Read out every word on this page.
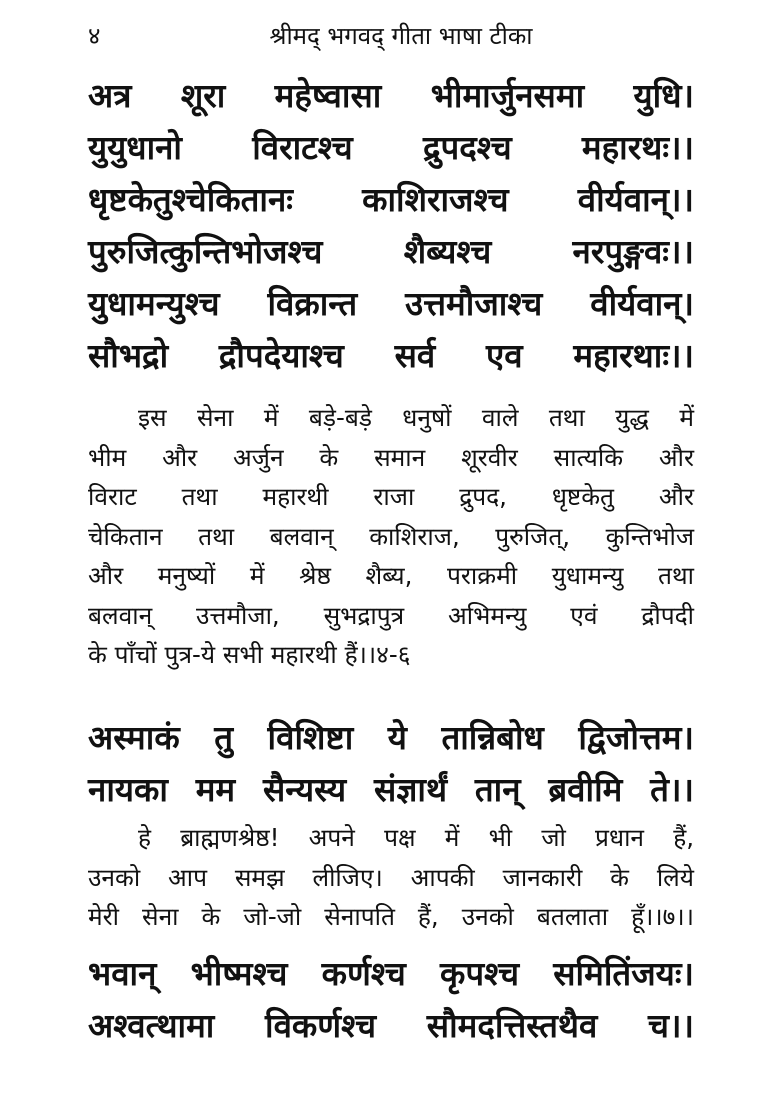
४	श्रीमद् भगवद् गीता भाषा टीका
अत्र शूरा महेष्वासा भीमार्जुनसमा युधि।
युयुधानो विराटश्च द्रुपदश्च महारथः।।
धृष्टकेतुश्चेकितानः काशिराजश्च वीर्यवान्।।
पुरुजित्कुन्तिभोजश्च शैब्यश्च नरपुङ्गवः।।
युधामन्युश्च विक्रान्त उत्तमौजाश्च वीर्यवान्।
सौभद्रो द्रौपदेयाश्च सर्व एव महारथाः।।
इस सेना में बड़े-बड़े धनुषों वाले तथा युद्ध में
भीम और अर्जुन के समान शूरवीर सात्यकि और
विराट तथा महारथी राजा द्रुपद, धृष्टकेतु और
चेकितान तथा बलवान् काशिराज, पुरुजित्, कुन्तिभोज
और मनुष्यों में श्रेष्ठ शैब्य, पराक्रमी युधामन्यु तथा
बलवान् उत्तमौजा, सुभद्रापुत्र अभिमन्यु एवं द्रौपदी
के पाँचों पुत्र-ये सभी महारथी हैं।।४-६
अस्माकं तु विशिष्टा ये तान्निबोध द्विजोत्तम।
नायका मम सैन्यस्य संज्ञार्थं तान् ब्रवीमि ते।।
हे ब्राह्मणश्रेष्ठ! अपने पक्ष में भी जो प्रधान हैं,
उनको आप समझ लीजिए। आपकी जानकारी के लिये
मेरी सेना के जो-जो सेनापति हैं, उनको बतलाता हूँ।।७।।
भवान् भीष्मश्च कर्णश्च कृपश्च समितिंजयः।
अश्वत्थामा विकर्णश्च सौमदत्तिस्तथैव च।।
